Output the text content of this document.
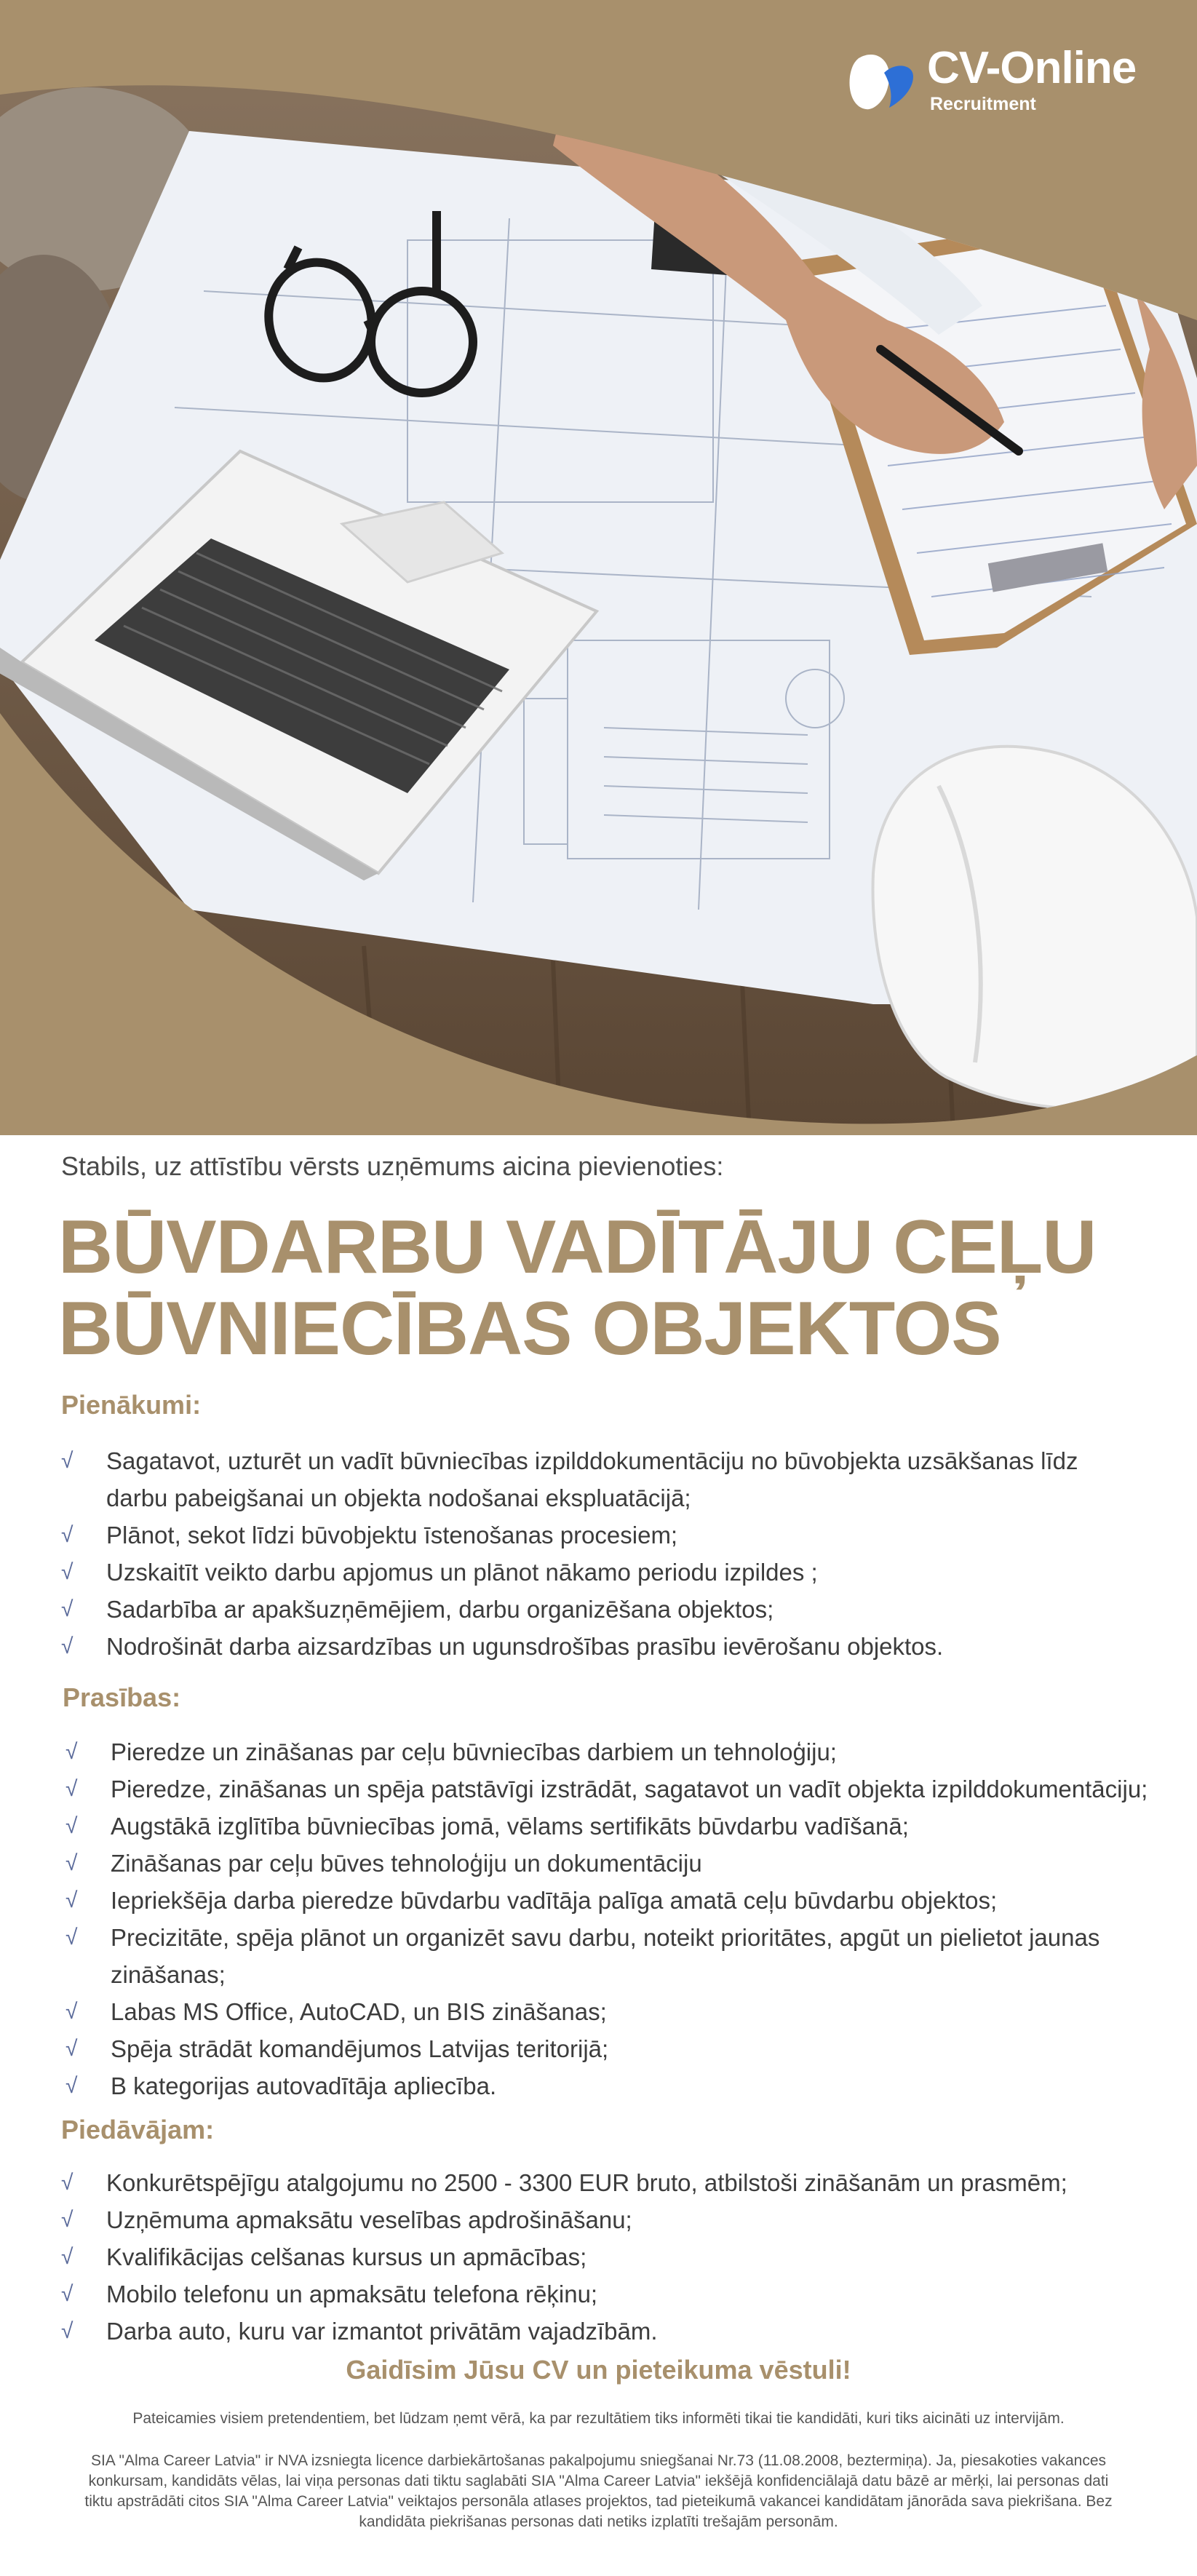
CV-Online
Recruitment
Stabils, uz attīstību vērsts uzņēmums aicina pievienoties:
BŪVDARBU VADĪTĀJU CEĻU
BŪVNIECĪBAS OBJEKTOS
Pienākumi:
√ Sagatavot, uzturēt un vadīt būvniecības izpilddokumentāciju no būvobjekta uzsākšanas līdz darbu pabeigšanai un objekta nodošanai ekspluatācijā;
√ Plānot, sekot līdzi būvobjektu īstenošanas procesiem;
√ Uzskaitīt veikto darbu apjomus un plānot nākamo periodu izpildes ;
√ Sadarbība ar apakšuzņēmējiem, darbu organizēšana objektos;
√ Nodrošināt darba aizsardzības un ugunsdrošības prasību ievērošanu objektos.
Prasības:
√ Pieredze un zināšanas par ceļu būvniecības darbiem un tehnoloģiju;
√ Pieredze, zināšanas un spēja patstāvīgi izstrādāt, sagatavot un vadīt objekta izpilddokumentāciju;
√ Augstākā izglītība būvniecības jomā, vēlams sertifikāts būvdarbu vadīšanā;
√ Zināšanas par ceļu būves tehnoloģiju un dokumentāciju
√ Iepriekšēja darba pieredze būvdarbu vadītāja palīga amatā ceļu būvdarbu objektos;
√ Precizitāte, spēja plānot un organizēt savu darbu, noteikt prioritātes, apgūt un pielietot jaunas zināšanas;
√ Labas MS Office, AutoCAD, un BIS zināšanas;
√ Spēja strādāt komandējumos Latvijas teritorijā;
√ B kategorijas autovadītāja apliecība.
Piedāvājam:
√ Konkurētspējīgu atalgojumu no 2500 - 3300 EUR bruto, atbilstoši zināšanām un prasmēm;
√ Uzņēmuma apmaksātu veselības apdrošināšanu;
√ Kvalifikācijas celšanas kursus un apmācības;
√ Mobilo telefonu un apmaksātu telefona rēķinu;
√ Darba auto, kuru var izmantot privātām vajadzībām.
Gaidīsim Jūsu CV un pieteikuma vēstuli!
Pateicamies visiem pretendentiem, bet lūdzam ņemt vērā, ka par rezultātiem tiks informēti tikai tie kandidāti, kuri tiks aicināti uz intervijām.
SIA "Alma Career Latvia" ir NVA izsniegta licence darbiekārtošanas pakalpojumu sniegšanai Nr.73 (11.08.2008, beztermiņa). Ja, piesakoties vakances konkursam, kandidāts vēlas, lai viņa personas dati tiktu saglabāti SIA "Alma Career Latvia" iekšējā konfidenciālajā datu bāzē ar mērķi, lai personas dati tiktu apstrādāti citos SIA "Alma Career Latvia" veiktajos personāla atlases projektos, tad pieteikumā vakancei kandidātam jānorāda sava piekrišana. Bez kandidāta piekrišanas personas dati netiks izplatīti trešajām personām.
